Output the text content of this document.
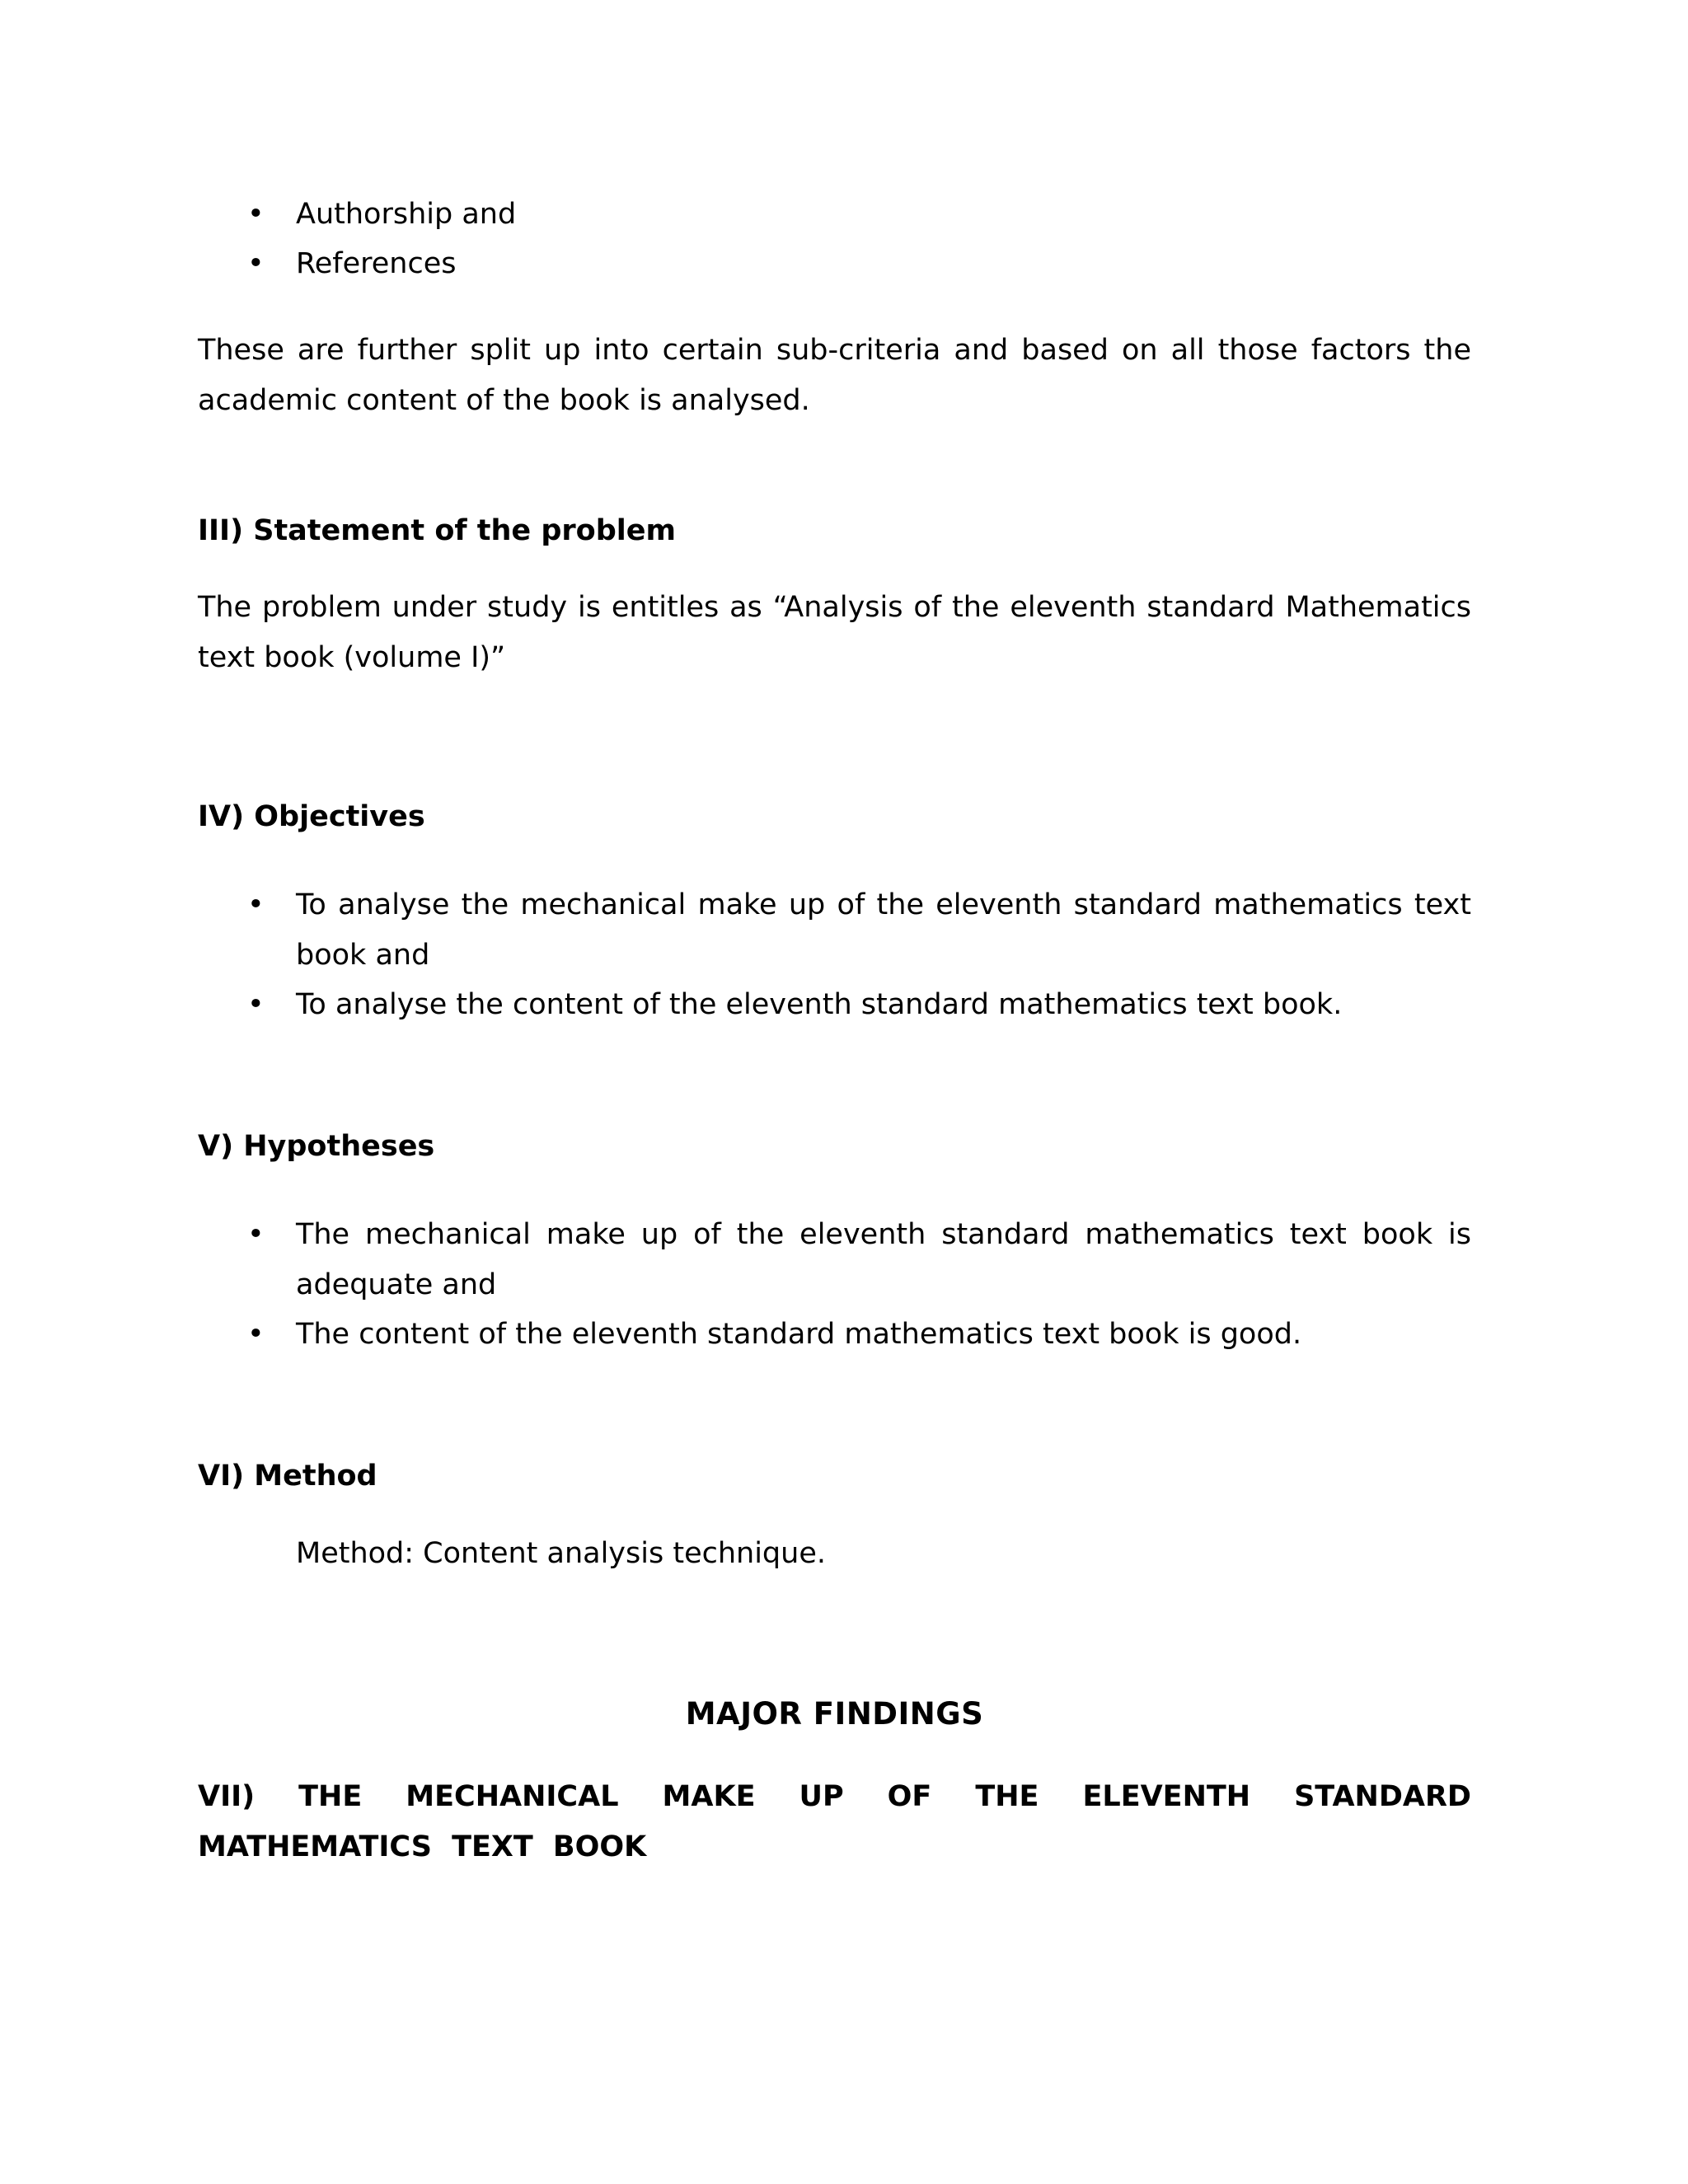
• Authorship and
• References

These are further split up into certain sub-criteria and based on all those factors the academic content of the book is analysed.

III) Statement of the problem

The problem under study is entitles as “Analysis of the eleventh standard Mathematics text book (volume I)”

IV) Objectives
• To analyse the mechanical make up of the eleventh standard mathematics text book and
• To analyse the content of the eleventh standard mathematics text book.
V) Hypotheses
• The mechanical make up of the eleventh standard mathematics text book is adequate and
• The content of the eleventh standard mathematics text book is good.
VI) Method
Method: Content analysis technique.
MAJOR FINDINGS
VII) THE MECHANICAL MAKE UP OF THE ELEVENTH STANDARD MATHEMATICS TEXT BOOK
